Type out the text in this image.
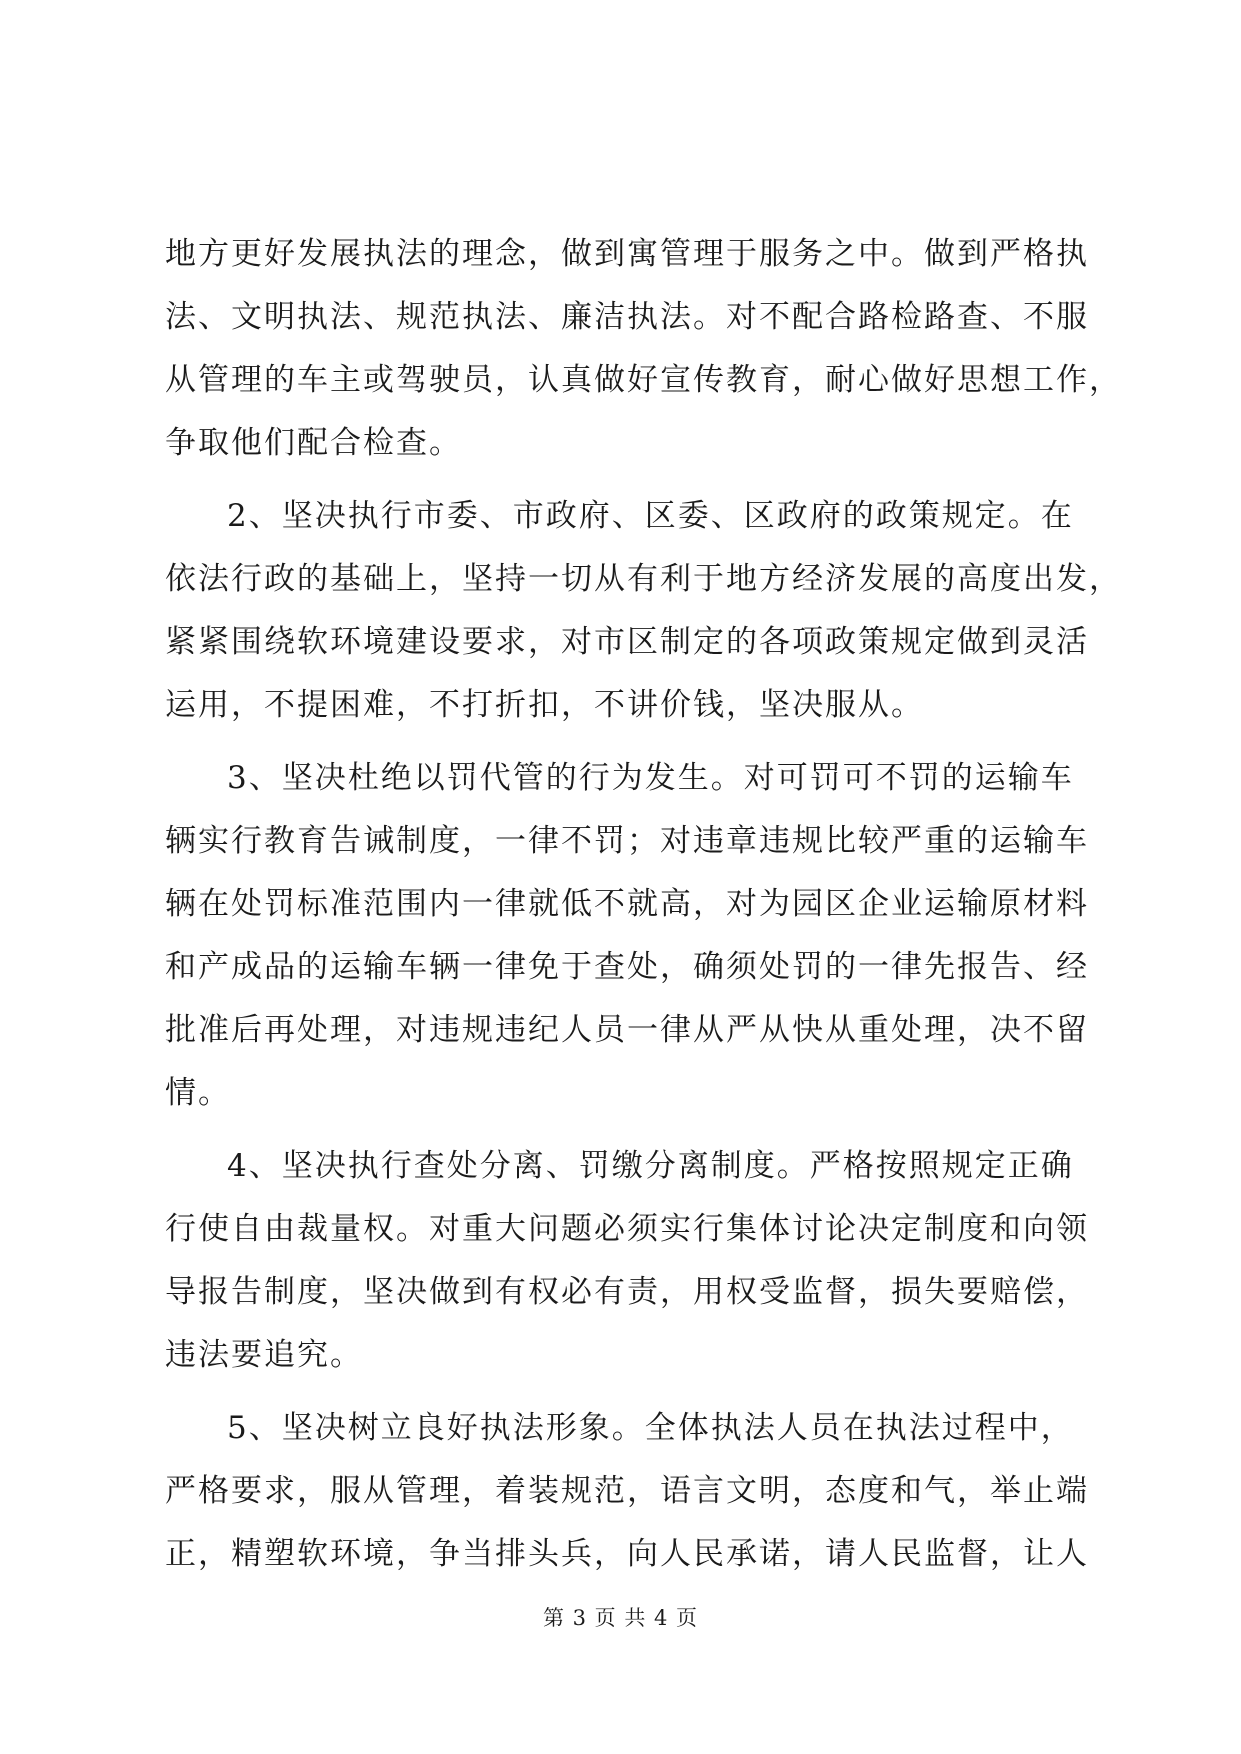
地方更好发展执法的理念，做到寓管理于服务之中。做到严格执
法、文明执法、规范执法、廉洁执法。对不配合路检路查、不服
从管理的车主或驾驶员，认真做好宣传教育，耐心做好思想工作，
争取他们配合检查。
2、坚决执行市委、市政府、区委、区政府的政策规定。在
依法行政的基础上，坚持一切从有利于地方经济发展的高度出发，
紧紧围绕软环境建设要求，对市区制定的各项政策规定做到灵活
运用，不提困难，不打折扣，不讲价钱，坚决服从。
3、坚决杜绝以罚代管的行为发生。对可罚可不罚的运输车
辆实行教育告诫制度，一律不罚；对违章违规比较严重的运输车
辆在处罚标准范围内一律就低不就高，对为园区企业运输原材料
和产成品的运输车辆一律免于查处，确须处罚的一律先报告、经
批准后再处理，对违规违纪人员一律从严从快从重处理，决不留
情。
4、坚决执行查处分离、罚缴分离制度。严格按照规定正确
行使自由裁量权。对重大问题必须实行集体讨论决定制度和向领
导报告制度，坚决做到有权必有责，用权受监督，损失要赔偿，
违法要追究。
5、坚决树立良好执法形象。全体执法人员在执法过程中，
严格要求，服从管理，着装规范，语言文明，态度和气，举止端
正，精塑软环境，争当排头兵，向人民承诺，请人民监督，让人
第 3 页 共 4 页
